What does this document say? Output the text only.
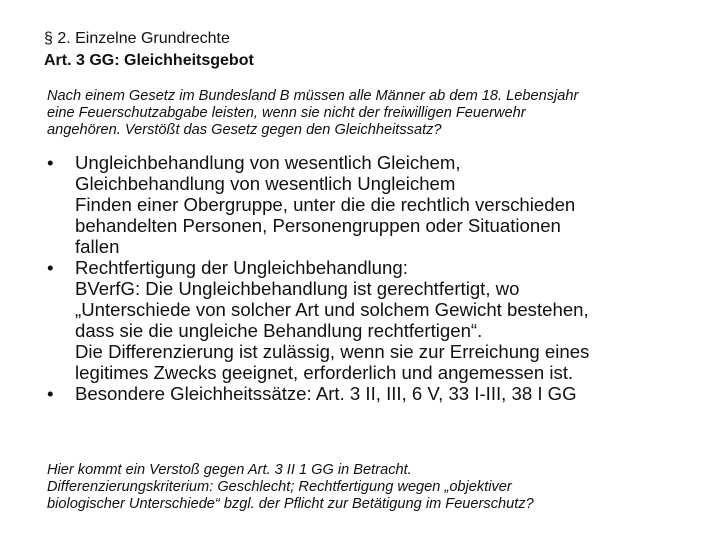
§ 2. Einzelne Grundrechte
Art. 3 GG: Gleichheitsgebot
Nach einem Gesetz im Bundesland B müssen alle Männer ab dem 18. Lebensjahr
eine Feuerschutzabgabe leisten, wenn sie nicht der freiwilligen Feuerwehr
angehören. Verstößt das Gesetz gegen den Gleichheitssatz?
• Ungleichbehandlung von wesentlich Gleichem,
Gleichbehandlung von wesentlich Ungleichem
Finden einer Obergruppe, unter die die rechtlich verschieden
behandelten Personen, Personengruppen oder Situationen
fallen
• Rechtfertigung der Ungleichbehandlung:
BVerfG: Die Ungleichbehandlung ist gerechtfertigt, wo
„Unterschiede von solcher Art und solchem Gewicht bestehen,
dass sie die ungleiche Behandlung rechtfertigen“.
Die Differenzierung ist zulässig, wenn sie zur Erreichung eines
legitimes Zwecks geeignet, erforderlich und angemessen ist.
• Besondere Gleichheitssätze: Art. 3 II, III, 6 V, 33 I-III, 38 I GG
Hier kommt ein Verstoß gegen Art. 3 II 1 GG in Betracht.
Differenzierungskriterium: Geschlecht; Rechtfertigung wegen „objektiver
biologischer Unterschiede“ bzgl. der Pflicht zur Betätigung im Feuerschutz?
